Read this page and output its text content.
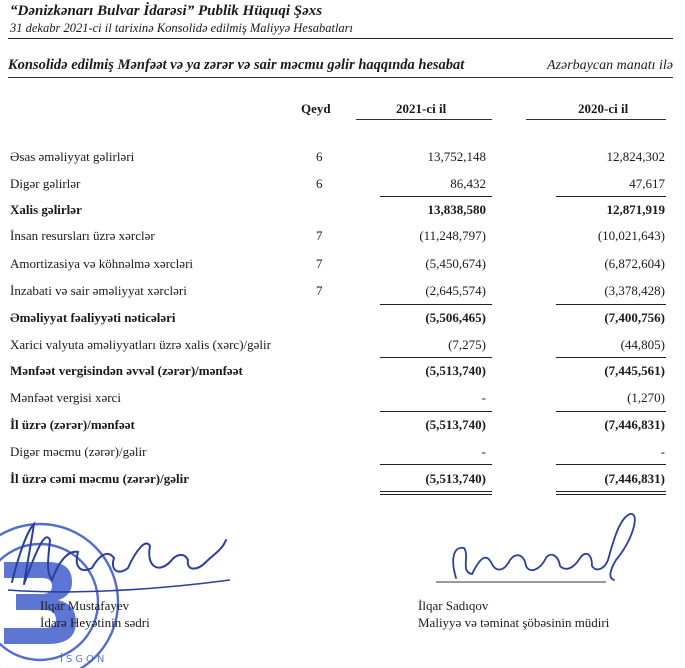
“Dənizkənarı Bulvar İdarəsi” Publik Hüquqi Şəxs
31 dekabr 2021-ci il tarixinə Konsolidə edilmiş Maliyyə Hesabatları
Konsolidə edilmiş Mənfəət və ya zərər və sair məcmu gəlir haqqında hesabat	Azərbaycan manatı ilə
Qeyd	2021-ci il	2020-ci il
Əsas əməliyyat gəlirləri	6	13,752,148	12,824,302
Digər gəlirlər	6	86,432	47,617
Xalis gəlirlər	13,838,580	12,871,919
İnsan resursları üzrə xərclər	7	(11,248,797)	(10,021,643)
Amortizasiya və köhnəlmə xərcləri	7	(5,450,674)	(6,872,604)
İnzabati və sair əməliyyat xərcləri	7	(2,645,574)	(3,378,428)
Əməliyyat fəaliyyəti nəticələri	(5,506,465)	(7,400,756)
Xarici valyuta əməliyyatları üzrə xalis (xərc)/gəlir	(7,275)	(44,805)
Mənfəət vergisindən əvvəl (zərər)/mənfəət	(5,513,740)	(7,445,561)
Mənfəət vergisi xərci	-	(1,270)
İl üzrə (zərər)/mənfəət	(5,513,740)	(7,446,831)
Digər məcmu (zərər)/gəlir	-	-
İl üzrə cəmi məcmu (zərər)/gəlir	(5,513,740)	(7,446,831)
İSGON
Ilqar Mustafayev
İdarə Heyətinin sədri
İlqar Sadıqov
Maliyyə və təminat şöbəsinin müdiri
